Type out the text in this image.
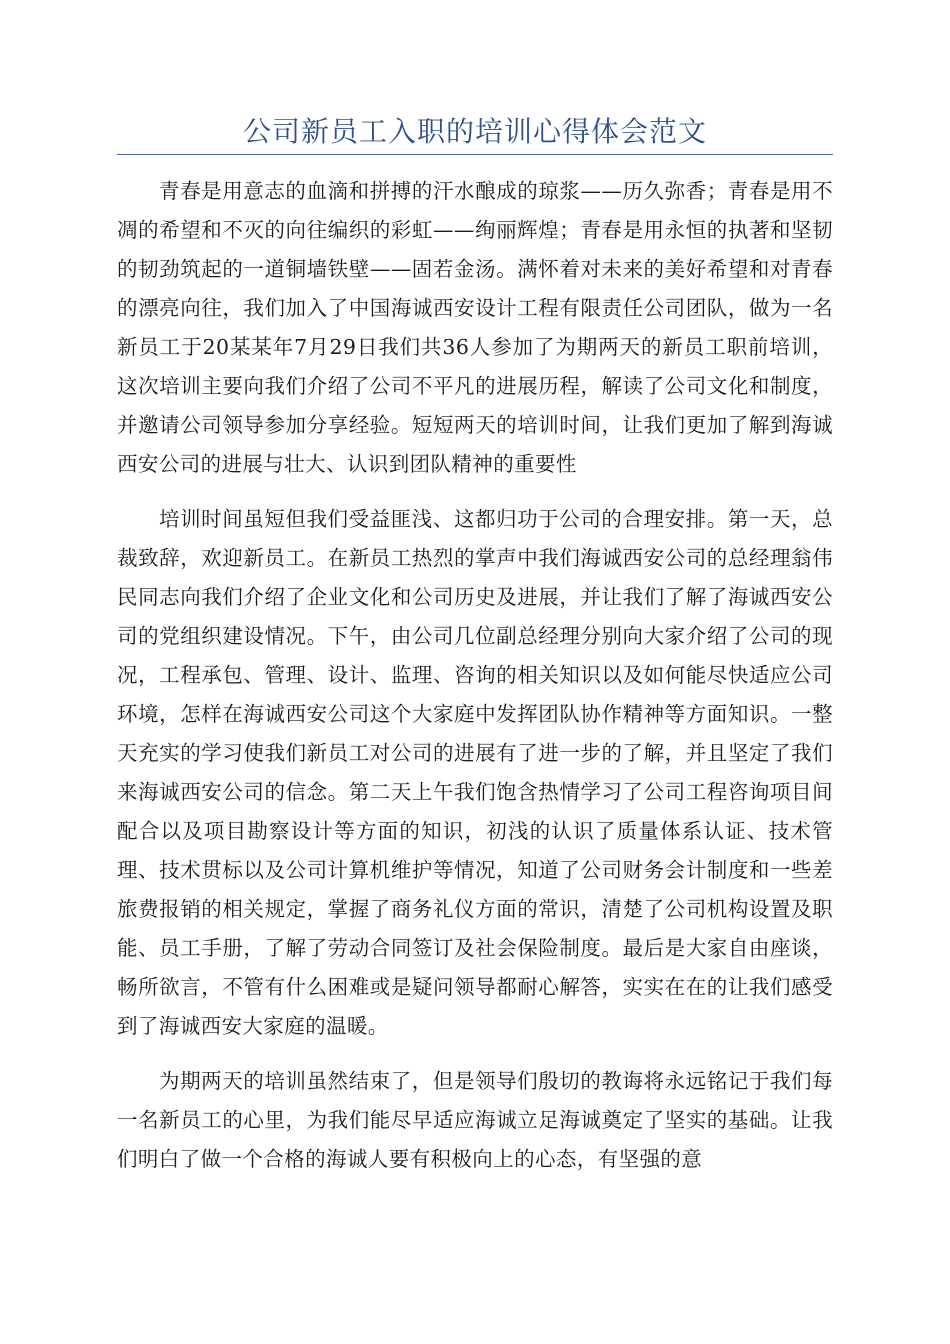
公司新员工入职的培训心得体会范文

青春是用意志的血滴和拼搏的汗水酿成的琼浆——历久弥香；青春是用不凋的希望和不灭的向往编织的彩虹——绚丽辉煌；青春是用永恒的执著和坚韧的韧劲筑起的一道铜墙铁壁——固若金汤。满怀着对未来的美好希望和对青春的漂亮向往，我们加入了中国海诚西安设计工程有限责任公司团队，做为一名新员工于20某某年7月29日我们共36人参加了为期两天的新员工职前培训，这次培训主要向我们介绍了公司不平凡的进展历程，解读了公司文化和制度，并邀请公司领导参加分享经验。短短两天的培训时间，让我们更加了解到海诚西安公司的进展与壮大、认识到团队精神的重要性

培训时间虽短但我们受益匪浅、这都归功于公司的合理安排。第一天，总裁致辞，欢迎新员工。在新员工热烈的掌声中我们海诚西安公司的总经理翁伟民同志向我们介绍了企业文化和公司历史及进展，并让我们了解了海诚西安公司的党组织建设情况。下午，由公司几位副总经理分别向大家介绍了公司的现况，工程承包、管理、设计、监理、咨询的相关知识以及如何能尽快适应公司环境，怎样在海诚西安公司这个大家庭中发挥团队协作精神等方面知识。一整天充实的学习使我们新员工对公司的进展有了进一步的了解，并且坚定了我们来海诚西安公司的信念。第二天上午我们饱含热情学习了公司工程咨询项目间配合以及项目勘察设计等方面的知识，初浅的认识了质量体系认证、技术管理、技术贯标以及公司计算机维护等情况，知道了公司财务会计制度和一些差旅费报销的相关规定，掌握了商务礼仪方面的常识，清楚了公司机构设置及职能、员工手册，了解了劳动合同签订及社会保险制度。最后是大家自由座谈，畅所欲言，不管有什么困难或是疑问领导都耐心解答，实实在在的让我们感受到了海诚西安大家庭的温暖。

为期两天的培训虽然结束了，但是领导们殷切的教诲将永远铭记于我们每一名新员工的心里，为我们能尽早适应海诚立足海诚奠定了坚实的基础。让我们明白了做一个合格的海诚人要有积极向上的心态，有坚强的意
